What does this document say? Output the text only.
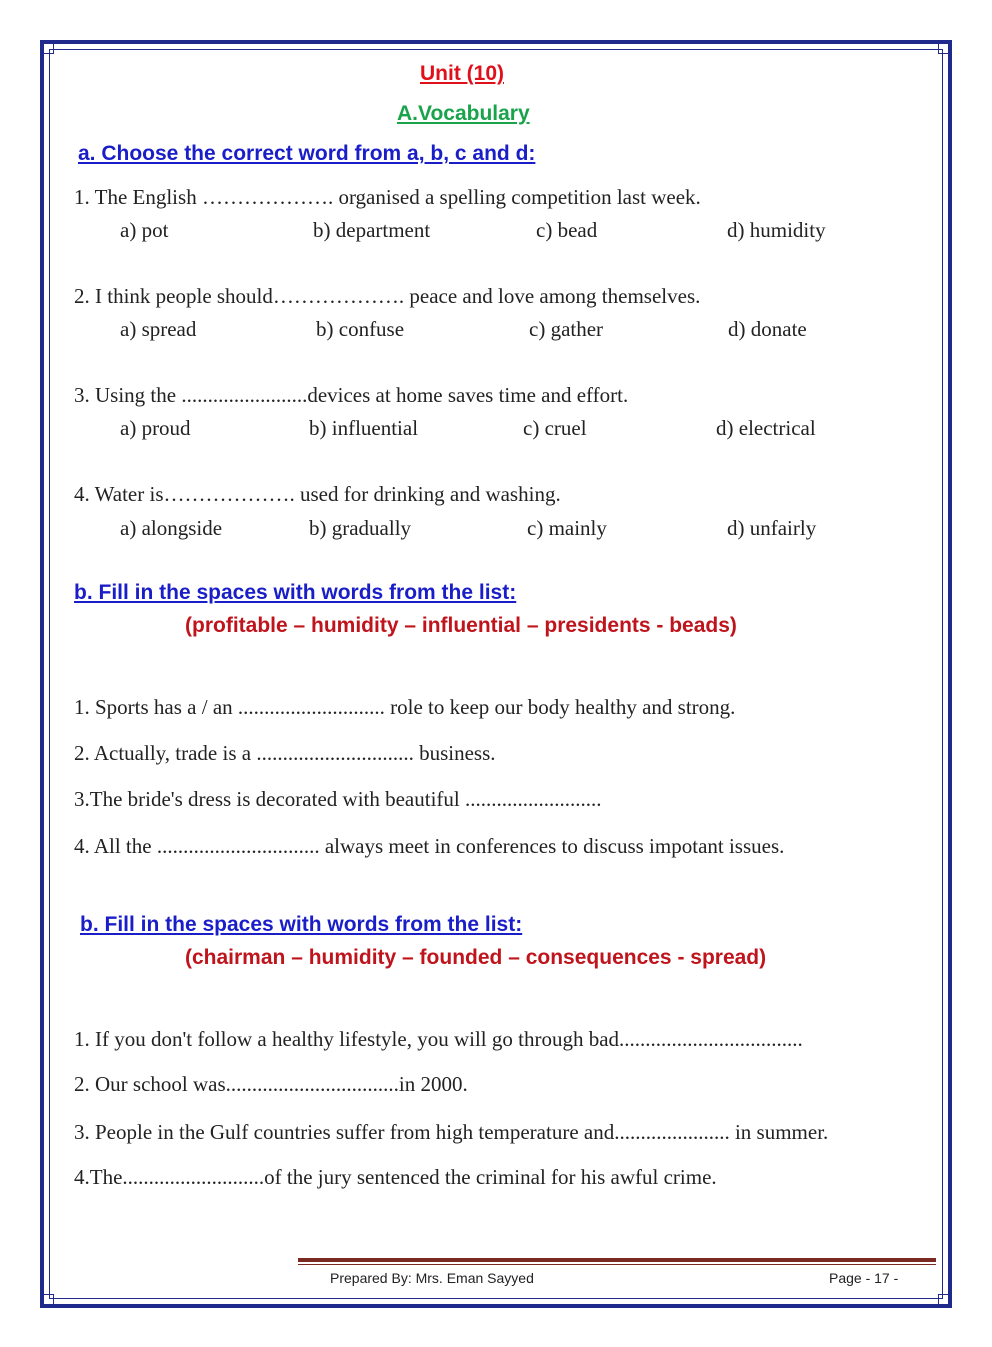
Unit (10)
A.Vocabulary
a. Choose the correct word from a, b, c and d:
1. The English ………………. organised a spelling competition last week.
a) pot	b) department	c) bead	d) humidity
2. I think people should………………. peace and love among themselves.
a) spread	b) confuse	c) gather	d) donate
3. Using the ........................devices at home saves time and effort.
a) proud	b) influential	c) cruel	d) electrical
4. Water is………………. used for drinking and washing.
a) alongside	b) gradually	c) mainly	d) unfairly
b. Fill in the spaces with words from the list:
(profitable – humidity – influential – presidents - beads)
1. Sports has a / an ............................ role to keep our body healthy and strong.
2. Actually, trade is a .............................. business.
3.The bride's dress is decorated with beautiful ..........................
4. All the ............................... always meet in conferences to discuss impotant issues.
b. Fill in the spaces with words from the list:
(chairman – humidity – founded – consequences - spread)
1. If you don't follow a healthy lifestyle, you will go through bad...................................
2. Our school was.................................in 2000.
3. People in the Gulf countries suffer from high temperature and...................... in summer.
4.The...........................of the jury sentenced the criminal for his awful crime.
Prepared By: Mrs. Eman Sayyed	Page - 17 -
